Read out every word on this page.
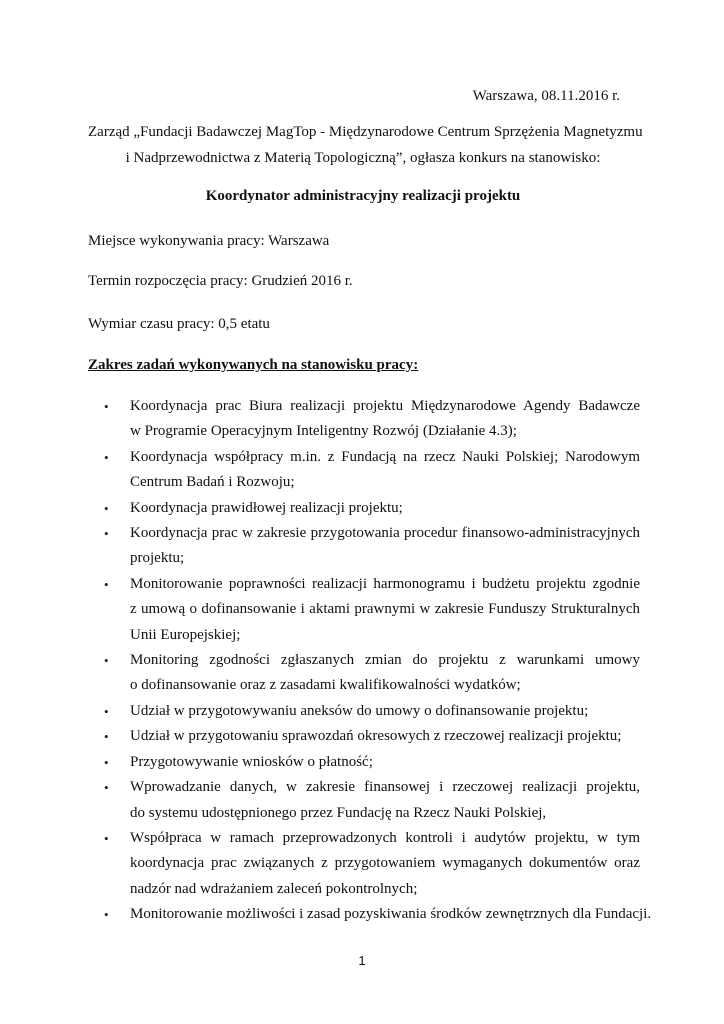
Warszawa, 08.11.2016 r.
Zarząd „Fundacji Badawczej MagTop - Międzynarodowe Centrum Sprzężenia Magnetyzmu
i Nadprzewodnictwa z Materią Topologiczną”, ogłasza konkurs na stanowisko:
Koordynator administracyjny realizacji projektu
Miejsce wykonywania pracy: Warszawa
Termin rozpoczęcia pracy: Grudzień 2016 r.
Wymiar czasu pracy: 0,5 etatu
Zakres zadań wykonywanych na stanowisku pracy:
•	Koordynacja prac Biura realizacji projektu Międzynarodowe Agendy Badawcze
w Programie Operacyjnym Inteligentny Rozwój (Działanie 4.3);
•	Koordynacja współpracy m.in. z Fundacją na rzecz Nauki Polskiej; Narodowym
Centrum Badań i Rozwoju;
•	Koordynacja prawidłowej realizacji projektu;
•	Koordynacja prac w zakresie przygotowania procedur finansowo-administracyjnych
projektu;
•	Monitorowanie poprawności realizacji harmonogramu i budżetu projektu zgodnie
z umową o dofinansowanie i aktami prawnymi w zakresie Funduszy Strukturalnych
Unii Europejskiej;
•	Monitoring zgodności zgłaszanych zmian do projektu z warunkami umowy
o dofinansowanie oraz z zasadami kwalifikowalności wydatków;
•	Udział w przygotowywaniu aneksów do umowy o dofinansowanie projektu;
•	Udział w przygotowaniu sprawozdań okresowych z rzeczowej realizacji projektu;
•	Przygotowywanie wniosków o płatność;
•	Wprowadzanie danych, w zakresie finansowej i rzeczowej realizacji projektu,
do systemu udostępnionego przez Fundację na Rzecz Nauki Polskiej,
•	Współpraca w ramach przeprowadzonych kontroli i audytów projektu, w tym
koordynacja prac związanych z przygotowaniem wymaganych dokumentów oraz
nadzór nad wdrażaniem zaleceń pokontrolnych;
•	Monitorowanie możliwości i zasad pozyskiwania środków zewnętrznych dla Fundacji.
1
